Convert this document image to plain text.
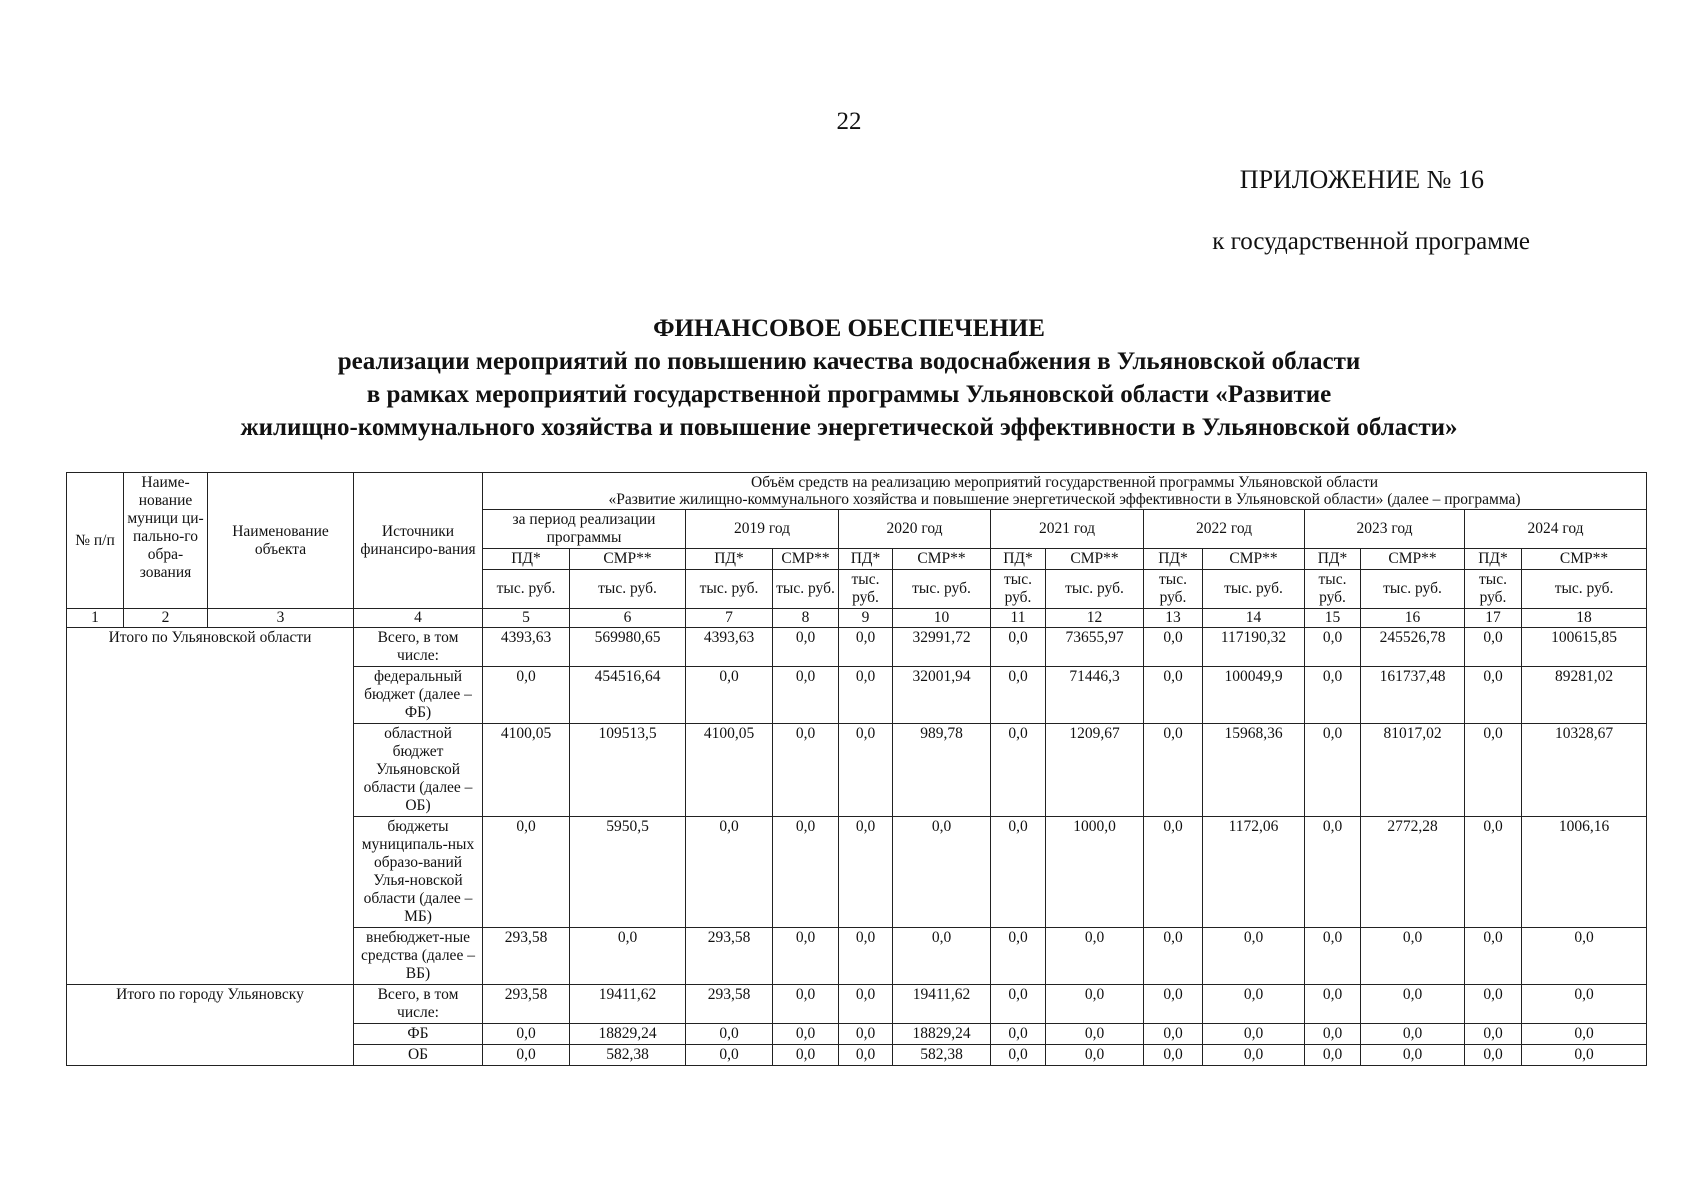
22
ПРИЛОЖЕНИЕ № 16
к государственной программе
ФИНАНСОВОЕ ОБЕСПЕЧЕНИЕ
реализации мероприятий по повышению качества водоснабжения в Ульяновской области
в рамках мероприятий государственной программы Ульяновской области «Развитие
жилищно-коммунального хозяйства и повышение энергетической эффективности в Ульяновской области»
№ п/п	Наиме-нование муници ци-пально-го обра-зования	Наименование объекта	Источники финансиро-вания	Объём средств на реализацию мероприятий государственной программы Ульяновской области
«Развитие жилищно-коммунального хозяйства и повышение энергетической эффективности в Ульяновской области» (далее – программа)													

				за период реализации программы		2019 год		2020 год		2021 год		2022 год		2023 год		2024 год	
				ПД*	СМР**	ПД*	СМР**	ПД*	СМР**	ПД*	СМР**	ПД*	СМР**	ПД*	СМР**	ПД*	СМР**
				тыс. руб.	тыс. руб.	тыс. руб.	тыс. руб.	тыс. руб.	тыс. руб.	тыс. руб.	тыс. руб.	тыс. руб.	тыс. руб.	тыс. руб.	тыс. руб.	тыс. руб.	тыс. руб.
1	2	3	4	5	6	7	8	9	10	11	12	13	14	15	16	17	18
Итого по Ульяновской области			Всего, в том числе:	4393,63	569980,65	4393,63	0,0	0,0	32991,72	0,0	73655,97	0,0	117190,32	0,0	245526,78	0,0	100615,85
			федеральный бюджет (далее – ФБ)	0,0	454516,64	0,0	0,0	0,0	32001,94	0,0	71446,3	0,0	100049,9	0,0	161737,48	0,0	89281,02
			областной бюджет Ульяновской области (далее – ОБ)	4100,05	109513,5	4100,05	0,0	0,0	989,78	0,0	1209,67	0,0	15968,36	0,0	81017,02	0,0	10328,67
			бюджеты муниципаль-ных образо-ваний Улья-новской области (далее – МБ)	0,0	5950,5	0,0	0,0	0,0	0,0	0,0	1000,0	0,0	1172,06	0,0	2772,28	0,0	1006,16
			внебюджет-ные средства (далее – ВБ)	293,58	0,0	293,58	0,0	0,0	0,0	0,0	0,0	0,0	0,0	0,0	0,0	0,0	0,0
Итого по городу Ульяновску			Всего, в том числе:	293,58	19411,62	293,58	0,0	0,0	19411,62	0,0	0,0	0,0	0,0	0,0	0,0	0,0	0,0
			ФБ	0,0	18829,24	0,0	0,0	0,0	18829,24	0,0	0,0	0,0	0,0	0,0	0,0	0,0	0,0
			ОБ	0,0	582,38	0,0	0,0	0,0	582,38	0,0	0,0	0,0	0,0	0,0	0,0	0,0	0,0
